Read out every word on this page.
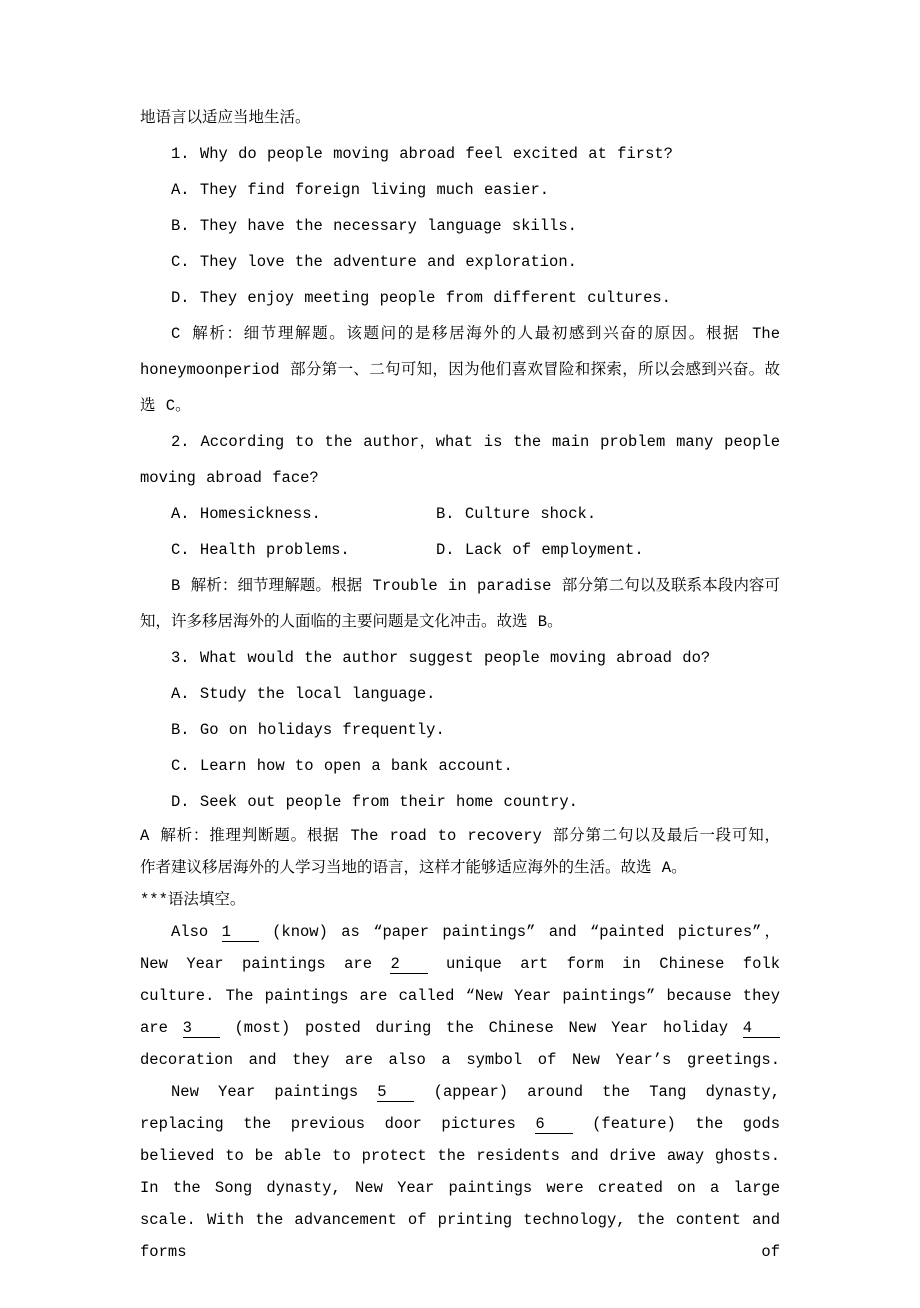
地语言以适应当地生活。

1. Why do people moving abroad feel excited at first?

A. They find foreign living much easier.

B. They have the necessary language skills.

C. They love the adventure and exploration.

D. They enjoy meeting people from different cultures.

C 解析：细节理解题。该题问的是移居海外的人最初感到兴奋的原因。根据 The honeymoonperiod 部分第一、二句可知，因为他们喜欢冒险和探索，所以会感到兴奋。故选 C。

2. According to the author，what is the main problem many people moving abroad face?

A. Homesickness.	B. Culture shock.
C. Health problems.	D. Lack of employment.

B 解析：细节理解题。根据 Trouble in paradise 部分第二句以及联系本段内容可知，许多移居海外的人面临的主要问题是文化冲击。故选 B。

3. What would the author suggest people moving abroad do?

A. Study the local language.

B. Go on holidays frequently.

C. Learn how to open a bank account.

D. Seek out people from their home country.

A 解析：推理判断题。根据 The road to recovery 部分第二句以及最后一段可知， 作者建议移居海外的人学习当地的语言，这样才能够适应海外的生活。故选 A。

***语法填空。

Also 1 (know) as “paper paintings” and “painted pictures”， New Year paintings are 2 unique art form in Chinese folk culture. The paintings are called “New Year paintings” because they are 3 (most) posted during the Chinese New Year holiday 4 decoration and they are also a symbol of New Year’s greetings.

New Year paintings 5 (appear) around the Tang dynasty, replacing the previous door pictures 6 (feature) the gods believed to be able to protect the residents and drive away ghosts. In the Song dynasty, New Year paintings were created on a large scale. With the advancement of printing technology, the content and forms of
